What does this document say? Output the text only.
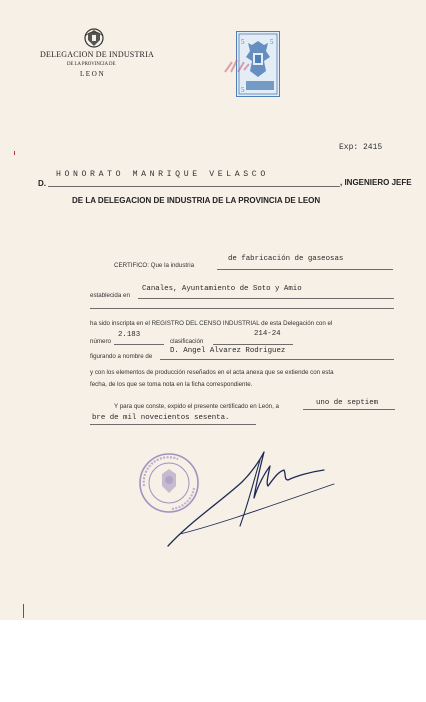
DELEGACION DE INDUSTRIA
DE LA PROVINCIA DE
L E O N
5	5
5
Exp: 2415
D.
HONORATO MANRIQUE VELASCO
, INGENIERO JEFE
DE LA DELEGACION DE INDUSTRIA DE LA PROVINCIA DE LEON
CERTIFICO: Que la industria
de fabricación de gaseosas
establecida en
Canales, Ayuntamiento de Soto y Amio
ha sido inscripta en el REGISTRO DEL CENSO INDUSTRIAL de esta Delegación con el
número
2.183
clasificación
214-24
figurando a nombre de
D. Angel Alvarez Rodriguez
y con los elementos de producción reseñados en el acta anexa que se extiende con esta
fecha, de los que se toma nota en la ficha correspondiente.
Y para que conste, expido el presente certificado en León, a	uno de septiem
bre de mil novecientos sesenta.
